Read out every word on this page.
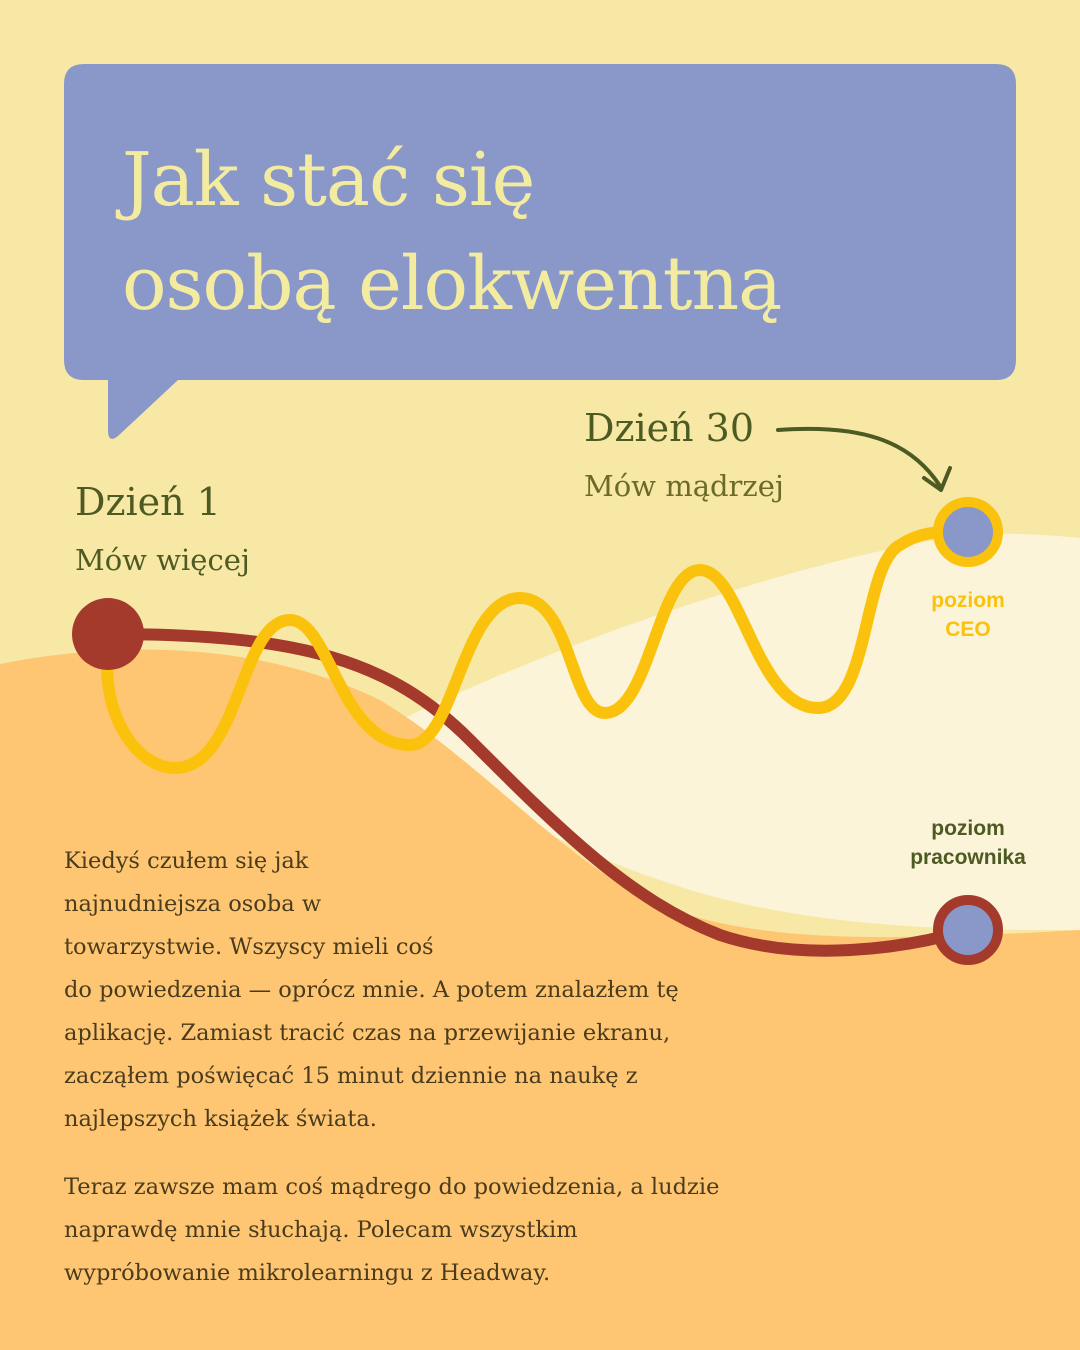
Jak stać się
osobą elokwentną
Dzień 1
Mów więcej
Dzień 30
Mów mądrzej
poziom
CEO
poziom
pracownika

Kiedyś czułem się jak
najnudniejsza osoba w
towarzystwie. Wszyscy mieli coś
do powiedzenia — oprócz mnie. A potem znalazłem tę
aplikację. Zamiast tracić czas na przewijanie ekranu,
zacząłem poświęcać 15 minut dziennie na naukę z
najlepszych książek świata.

Teraz zawsze mam coś mądrego do powiedzenia, a ludzie
naprawdę mnie słuchają. Polecam wszystkim
wypróbowanie mikrolearningu z Headway.
